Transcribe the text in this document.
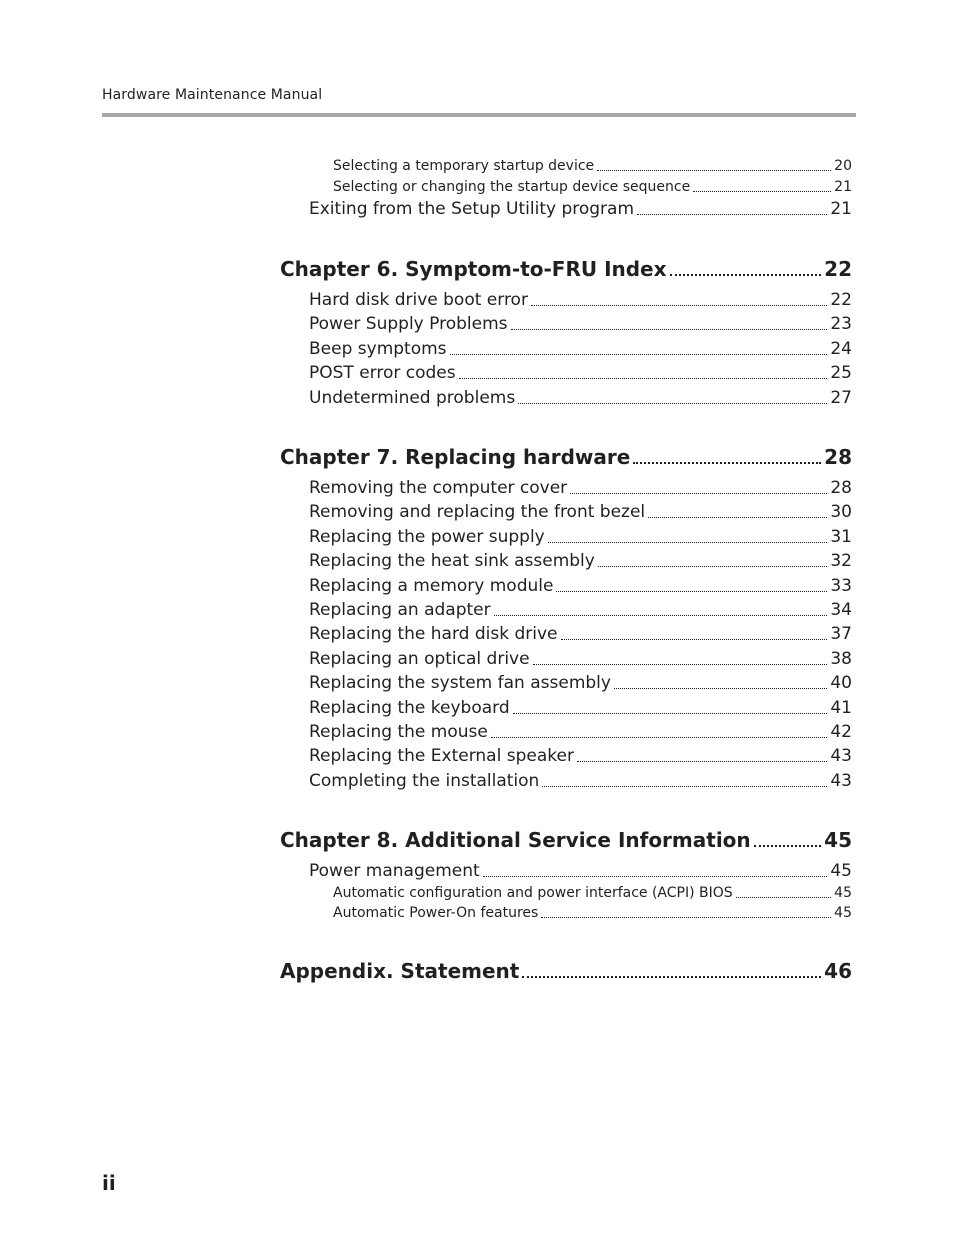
Hardware Maintenance Manual
Selecting a temporary startup device	20
Selecting or changing the startup device sequence	21
Exiting from the Setup Utility program	21
Chapter 6. Symptom-to-FRU Index	22
Hard disk drive boot error	22
Power Supply Problems	23
Beep symptoms	24
POST error codes	25
Undetermined problems	27
Chapter 7. Replacing hardware	28
Removing the computer cover	28
Removing and replacing the front bezel	30
Replacing the power supply	31
Replacing the heat sink assembly	32
Replacing a memory module	33
Replacing an adapter	34
Replacing the hard disk drive	37
Replacing an optical drive	38
Replacing the system fan assembly	40
Replacing the keyboard	41
Replacing the mouse	42
Replacing the External speaker	43
Completing the installation	43
Chapter 8. Additional Service Information	45
Power management	45
Automatic configuration and power interface (ACPI) BIOS	45
Automatic Power-On features	45
Appendix. Statement	46
ii
